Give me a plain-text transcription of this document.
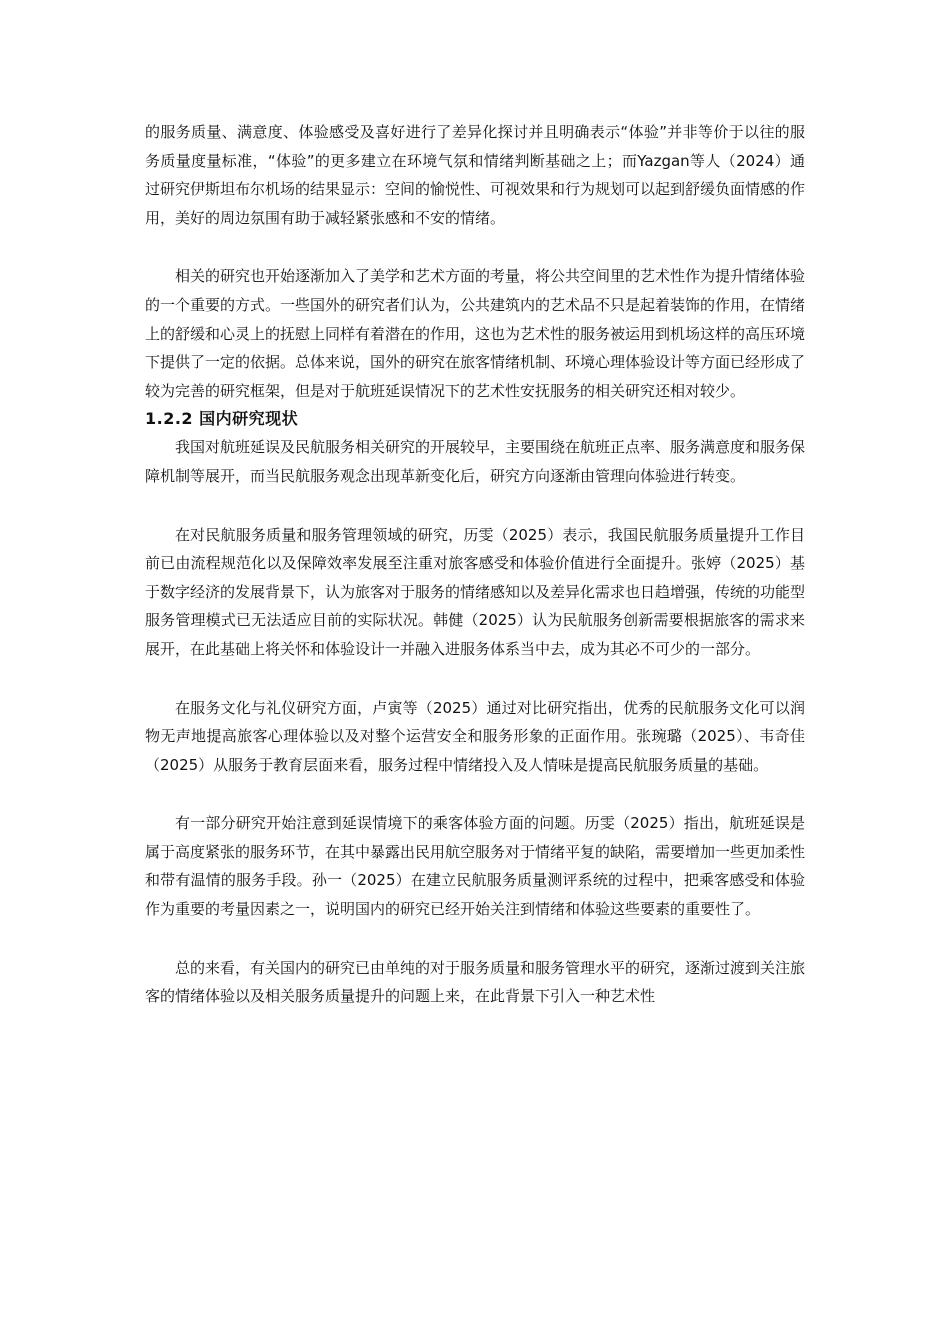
的服务质量、满意度、体验感受及喜好进行了差异化探讨并且明确表示“体验”并非等价于以往的服务质量度量标准，“体验”的更多建立在环境气氛和情绪判断基础之上；而Yazgan等人（2024）通过研究伊斯坦布尔机场的结果显示：空间的愉悦性、可视效果和行为规划可以起到舒缓负面情感的作用，美好的周边氛围有助于减轻紧张感和不安的情绪。

相关的研究也开始逐渐加入了美学和艺术方面的考量，将公共空间里的艺术性作为提升情绪体验的一个重要的方式。一些国外的研究者们认为，公共建筑内的艺术品不只是起着装饰的作用，在情绪上的舒缓和心灵上的抚慰上同样有着潜在的作用，这也为艺术性的服务被运用到机场这样的高压环境下提供了一定的依据。总体来说，国外的研究在旅客情绪机制、环境心理体验设计等方面已经形成了较为完善的研究框架，但是对于航班延误情况下的艺术性安抚服务的相关研究还相对较少。

1.2.2 国内研究现状

我国对航班延误及民航服务相关研究的开展较早，主要围绕在航班正点率、服务满意度和服务保障机制等展开，而当民航服务观念出现革新变化后，研究方向逐渐由管理向体验进行转变。

在对民航服务质量和服务管理领域的研究，历雯（2025）表示，我国民航服务质量提升工作目前已由流程规范化以及保障效率发展至注重对旅客感受和体验价值进行全面提升。张婷（2025）基于数字经济的发展背景下，认为旅客对于服务的情绪感知以及差异化需求也日趋增强，传统的功能型服务管理模式已无法适应目前的实际状况。韩健（2025）认为民航服务创新需要根据旅客的需求来展开，在此基础上将关怀和体验设计一并融入进服务体系当中去，成为其必不可少的一部分。

在服务文化与礼仪研究方面，卢寅等（2025）通过对比研究指出，优秀的民航服务文化可以润物无声地提高旅客心理体验以及对整个运营安全和服务形象的正面作用。张琬璐（2025）、韦奇佳（2025）从服务于教育层面来看，服务过程中情绪投入及人情味是提高民航服务质量的基础。

有一部分研究开始注意到延误情境下的乘客体验方面的问题。历雯（2025）指出，航班延误是属于高度紧张的服务环节，在其中暴露出民用航空服务对于情绪平复的缺陷，需要增加一些更加柔性和带有温情的服务手段。孙一（2025）在建立民航服务质量测评系统的过程中，把乘客感受和体验作为重要的考量因素之一，说明国内的研究已经开始关注到情绪和体验这些要素的重要性了。

总的来看，有关国内的研究已由单纯的对于服务质量和服务管理水平的研究，逐渐过渡到关注旅客的情绪体验以及相关服务质量提升的问题上来，在此背景下引入一种艺术性
